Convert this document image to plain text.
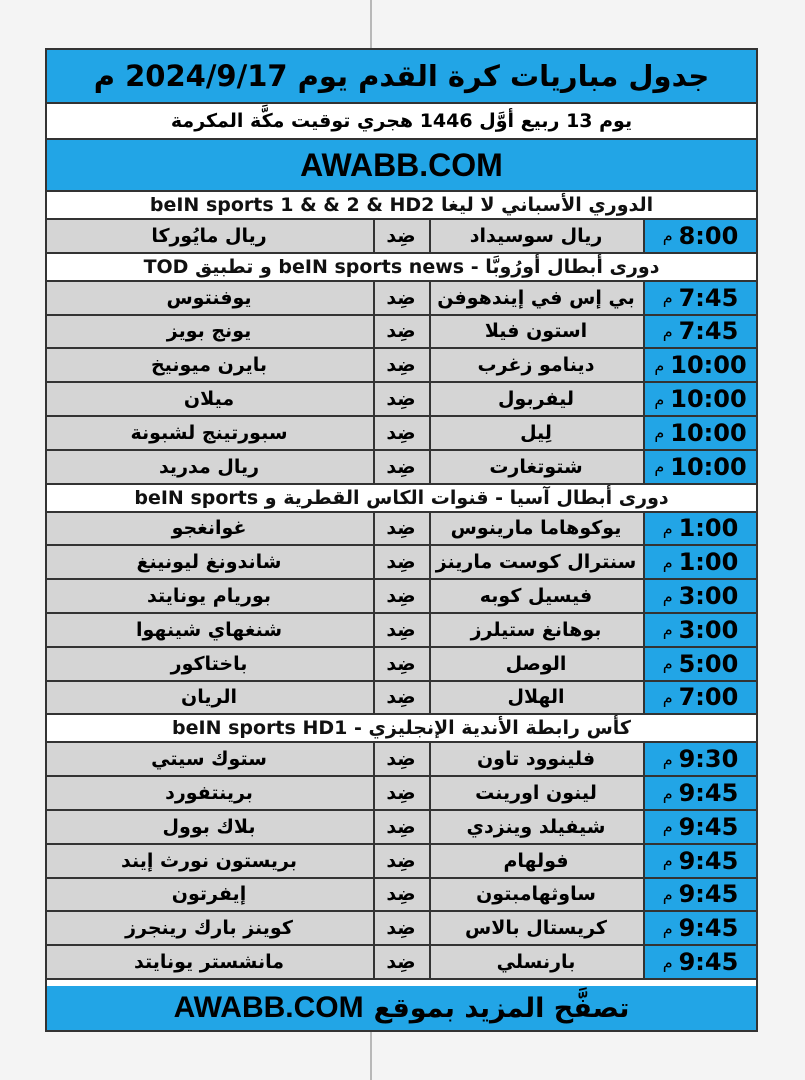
جدول مباريات كرة القدم يوم 2024/9/17 م
يوم 13 ربيع أوَّل 1446 هجري توقيت مكَّة المكرمة
AWABB.COM
الدوري الأسباني لا ليغا beIN sports 1 & & 2 & HD2
م 8:00
ريال سوسيداد
ضِد
ريال مايُوركا
دورى أبطال أورُوبَّا - beIN sports news و تطبيق TOD
م 7:45
بي إس في إيندهوفن
ضِد
يوفنتوس
م 7:45
استون فيلا
ضِد
يونج بويز
م 10:00
دينامو زغرب
ضِد
بايرن ميونيخ
م 10:00
ليفربول
ضِد
ميلان
م 10:00
لِيل
ضِد
سبورتينج لشبونة
م 10:00
شتوتغارت
ضِد
ريال مدريد
دورى أبطال آسيا - قنوات الكاس القطرية و beIN sports
م 1:00
يوكوهاما مارينوس
ضِد
غوانغجو
م 1:00
سنترال كوست مارينز
ضِد
شاندونغ ليونينغ
م 3:00
فيسيل كوبه
ضِد
بوريام يونايتد
م 3:00
بوهانغ ستيلرز
ضِد
شنغهاي شينهوا
م 5:00
الوصل
ضِد
باختاكور
م 7:00
الهلال
ضِد
الريان
كأس رابطة الأندية الإنجليزي - beIN sports HD1
م 9:30
فلينوود تاون
ضِد
ستوك سيتي
م 9:45
لينون اورينت
ضِد
برينتفورد
م 9:45
شيفيلد وينزدي
ضِد
بلاك بوول
م 9:45
فولهام
ضِد
بريستون نورث إيند
م 9:45
ساوثهامبتون
ضِد
إيفرتون
م 9:45
كريستال بالاس
ضِد
كوينز بارك رينجرز
م 9:45
بارنسلي
ضِد
مانشستر يونايتد
تصفَّح المزيد بموقع
AWABB.COM
